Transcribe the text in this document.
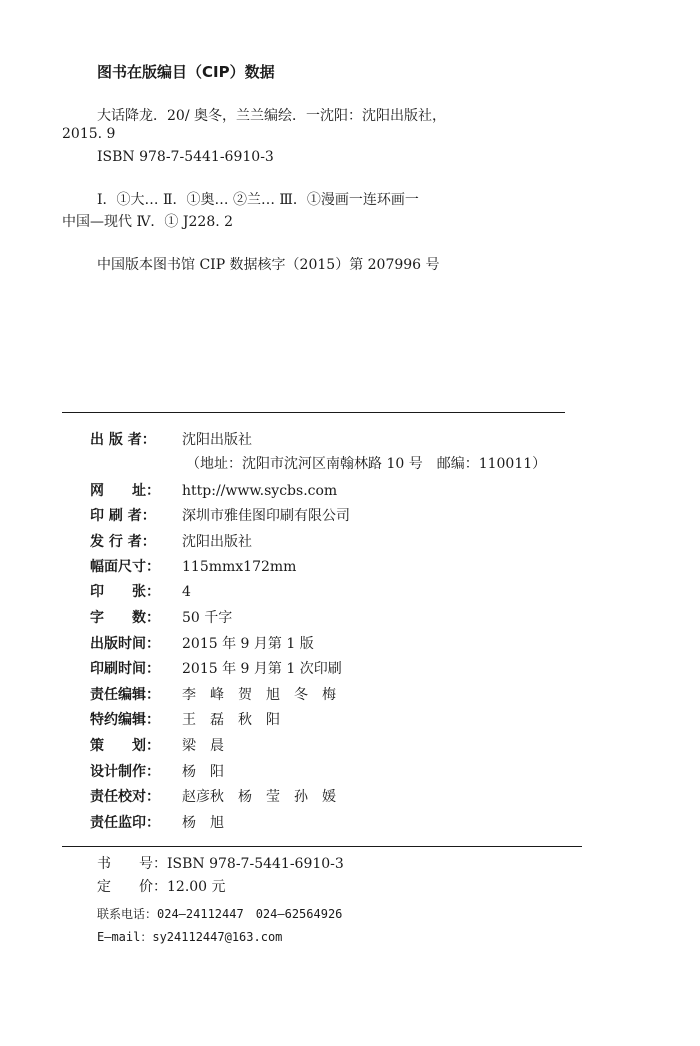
图书在版编目（CIP）数据
大话降龙．20/ 奥冬，兰兰编绘．一沈阳：沈阳出版社，
2015. 9
ISBN 978-7-5441-6910-3
Ⅰ．①大… Ⅱ．①奥… ②兰… Ⅲ．①漫画一连环画一
中国—现代 Ⅳ．① J228. 2
中国版本图书馆 CIP 数据核字（2015）第 207996 号
出 版 者： 沈阳出版社
（地址：沈阳市沈河区南翰林路 10 号　邮编：110011）
网　　址： http://www.sycbs.com
印 刷 者： 深圳市雅佳图印刷有限公司
发 行 者： 沈阳出版社
幅面尺寸： 115mmx172mm
印　　张： 4
字　　数： 50 千字
出版时间： 2015 年 9 月第 1 版
印刷时间： 2015 年 9 月第 1 次印刷
责任编辑： 李　峰　贺　旭　冬　梅
特约编辑： 王　磊　秋　阳
策　　划： 梁　晨
设计制作： 杨　阳
责任校对： 赵彦秋　杨　莹　孙　媛
责任监印： 杨　旭
书　　号：ISBN 978-7-5441-6910-3
定　　价：12.00 元
联系电话：024—24112447　024—62564926
E—mail：sy24112447@163.com
